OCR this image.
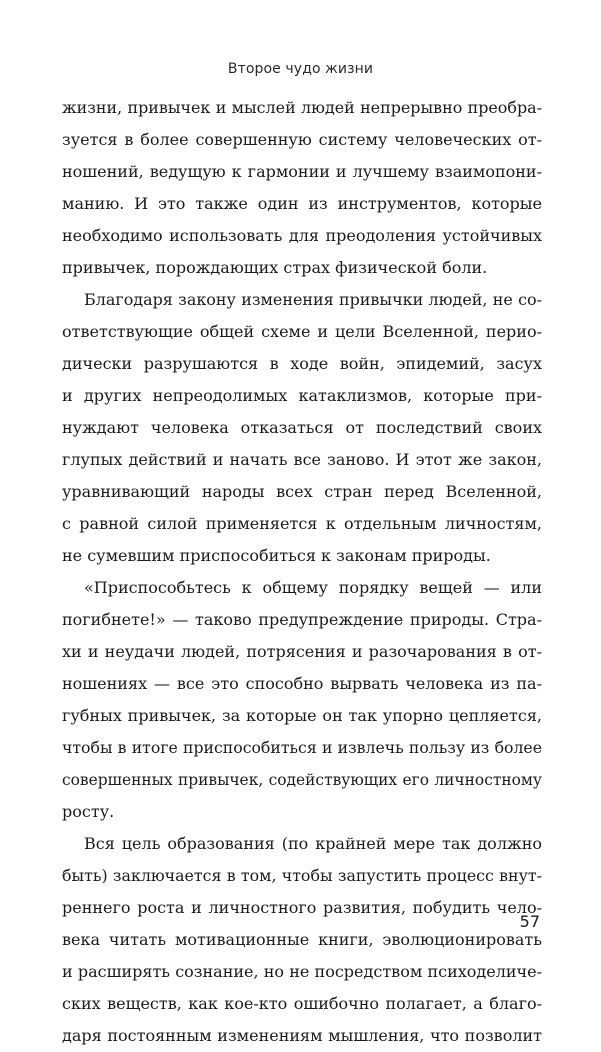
Второе чудо жизни
жизни, привычек и мыслей людей непрерывно преобра-
зуется в более совершенную систему человеческих от-
ношений, ведущую к гармонии и лучшему взаимопони-
манию. И это также один из инструментов, которые
необходимо использовать для преодоления устойчивых
привычек, порождающих страх физической боли.
Благодаря закону изменения привычки людей, не со-
ответствующие общей схеме и цели Вселенной, перио-
дически разрушаются в ходе войн, эпидемий, засух
и других непреодолимых катаклизмов, которые при-
нуждают человека отказаться от последствий своих
глупых действий и начать все заново. И этот же закон,
уравнивающий народы всех стран перед Вселенной,
с равной силой применяется к отдельным личностям,
не сумевшим приспособиться к законам природы.
«Приспособьтесь к общему порядку вещей — или
погибнете!» — таково предупреждение природы. Стра-
хи и неудачи людей, потрясения и разочарования в от-
ношениях — все это способно вырвать человека из па-
губных привычек, за которые он так упорно цепляется,
чтобы в итоге приспособиться и извлечь пользу из более
совершенных привычек, содействующих его личностному
росту.
Вся цель образования (по крайней мере так должно
быть) заключается в том, чтобы запустить процесс внут-
реннего роста и личностного развития, побудить чело-
века читать мотивационные книги, эволюционировать
и расширять сознание, но не посредством психоделиче-
ских веществ, как кое-кто ошибочно полагает, а благо-
даря постоянным изменениям мышления, что позволит
57
